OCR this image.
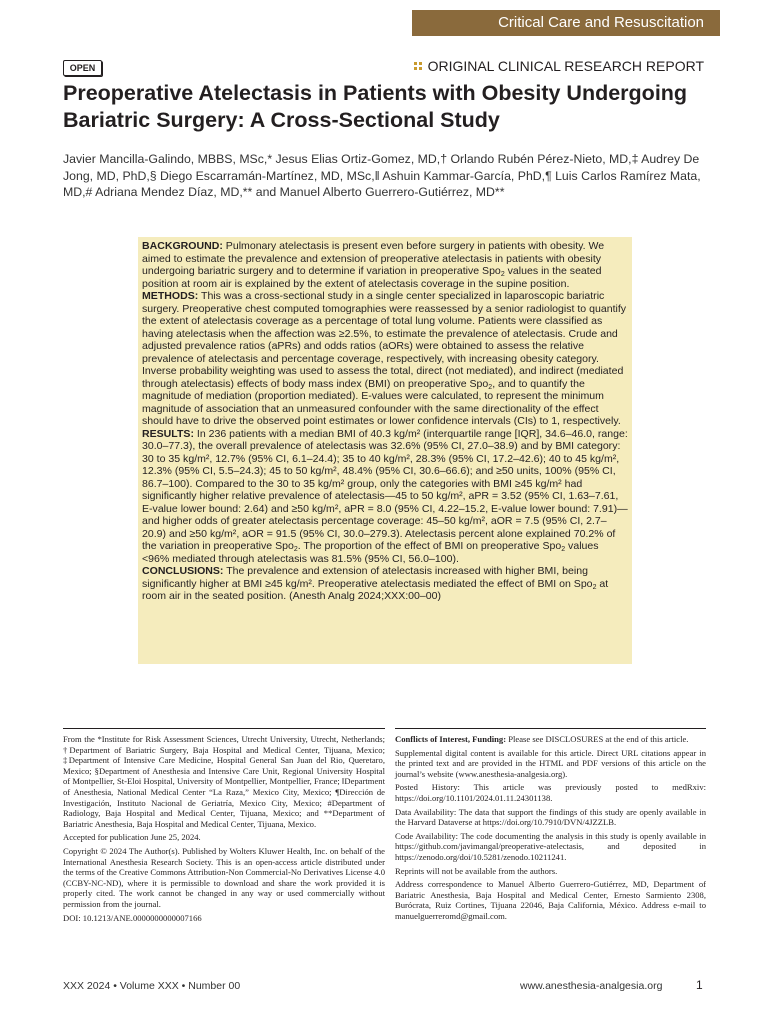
Critical Care and Resuscitation
OPEN	ORIGINAL CLINICAL RESEARCH REPORT
Preoperative Atelectasis in Patients with Obesity Undergoing Bariatric Surgery: A Cross-Sectional Study

Javier Mancilla-Galindo, MBBS, MSc,* Jesus Elias Ortiz-Gomez, MD,† Orlando Rubén Pérez-Nieto, MD,‡ Audrey De Jong, MD, PhD,§ Diego Escarramán-Martínez, MD, MSc,‖ Ashuin Kammar-García, PhD,¶ Luis Carlos Ramírez Mata, MD,# Adriana Mendez Díaz, MD,** and Manuel Alberto Guerrero-Gutiérrez, MD**

BACKGROUND: Pulmonary atelectasis is present even before surgery in patients with obesity. We aimed to estimate the prevalence and extension of preoperative atelectasis in patients with obesity undergoing bariatric surgery and to determine if variation in preoperative Spo$_2$ values in the seated position at room air is explained by the extent of atelectasis coverage in the supine position.

METHODS: This was a cross-sectional study in a single center specialized in laparoscopic bariatric surgery. Preoperative chest computed tomographies were reassessed by a senior radiologist to quantify the extent of atelectasis coverage as a percentage of total lung volume. Patients were classified as having atelectasis when the affection was ≥2.5%, to estimate the prevalence of atelectasis. Crude and adjusted prevalence ratios (aPRs) and odds ratios (aORs) were obtained to assess the relative prevalence of atelectasis and percentage coverage, respectively, with increasing obesity category. Inverse probability weighting was used to assess the total, direct (not mediated), and indirect (mediated through atelectasis) effects of body mass index (BMI) on preoperative Spo$_2$, and to quantify the magnitude of mediation (proportion mediated). E-values were calculated, to represent the minimum magnitude of association that an unmeasured confounder with the same directionality of the effect should have to drive the observed point estimates or lower confidence intervals (CIs) to 1, respectively.

RESULTS: In 236 patients with a median BMI of 40.3 kg/m² (interquartile range [IQR], 34.6–46.0, range: 30.0–77.3), the overall prevalence of atelectasis was 32.6% (95% CI, 27.0–38.9) and by BMI category: 30 to 35 kg/m², 12.7% (95% CI, 6.1–24.4); 35 to 40 kg/m², 28.3% (95% CI, 17.2–42.6); 40 to 45 kg/m², 12.3% (95% CI, 5.5–24.3); 45 to 50 kg/m², 48.4% (95% CI, 30.6–66.6); and ≥50 units, 100% (95% CI, 86.7–100). Compared to the 30 to 35 kg/m² group, only the categories with BMI ≥45 kg/m² had significantly higher relative prevalence of atelectasis—45 to 50 kg/m², aPR = 3.52 (95% CI, 1.63–7.61, E-value lower bound: 2.64) and ≥50 kg/m², aPR = 8.0 (95% CI, 4.22–15.2, E-value lower bound: 7.91)—and higher odds of greater atelectasis percentage coverage: 45–50 kg/m², aOR = 7.5 (95% CI, 2.7–20.9) and ≥50 kg/m², aOR = 91.5 (95% CI, 30.0–279.3). Atelectasis percent alone explained 70.2% of the variation in preoperative Spo$_2$. The proportion of the effect of BMI on preoperative Spo$_2$ values <96% mediated through atelectasis was 81.5% (95% CI, 56.0–100).

CONCLUSIONS: The prevalence and extension of atelectasis increased with higher BMI, being significantly higher at BMI ≥45 kg/m². Preoperative atelectasis mediated the effect of BMI on Spo$_2$ at room air in the seated position. (Anesth Analg 2024;XXX:00–00)

From the *Institute for Risk Assessment Sciences, Utrecht University, Utrecht, Netherlands; †Department of Bariatric Surgery, Baja Hospital and Medical Center, Tijuana, Mexico; ‡Department of Intensive Care Medicine, Hospital General San Juan del Rio, Queretaro, Mexico; §Department of Anesthesia and Intensive Care Unit, Regional University Hospital of Montpellier, St-Eloi Hospital, University of Montpellier, Montpellier, France; ‖Department of Anesthesia, National Medical Center “La Raza,” Mexico City, Mexico; ¶Dirección de Investigación, Instituto Nacional de Geriatría, Mexico City, Mexico; #Department of Radiology, Baja Hospital and Medical Center, Tijuana, Mexico; and **Department of Bariatric Anesthesia, Baja Hospital and Medical Center, Tijuana, Mexico.

Accepted for publication June 25, 2024.

Copyright © 2024 The Author(s). Published by Wolters Kluwer Health, Inc. on behalf of the International Anesthesia Research Society. This is an open-access article distributed under the terms of the Creative Commons Attribution-Non Commercial-No Derivatives License 4.0 (CCBY-NC-ND), where it is permissible to download and share the work provided it is properly cited. The work cannot be changed in any way or used commercially without permission from the journal.

DOI: 10.1213/ANE.0000000000007166

Conflicts of Interest, Funding: Please see DISCLOSURES at the end of this article.

Supplemental digital content is available for this article. Direct URL citations appear in the printed text and are provided in the HTML and PDF versions of this article on the journal’s website (www.anesthesia-analgesia.org).

Posted History: This article was previously posted to medRxiv: https://doi.org/10.1101/2024.01.11.24301138.

Data Availability: The data that support the findings of this study are openly available in the Harvard Dataverse at https://doi.org/10.7910/DVN/4JZZLB.

Code Availability: The code documenting the analysis in this study is openly available in https://github.com/javimangal/preoperative-atelectasis, and deposited in https://zenodo.org/doi/10.5281/zenodo.10211241.

Reprints will not be available from the authors.

Address correspondence to Manuel Alberto Guerrero-Gutiérrez, MD, Department of Bariatric Anesthesia, Baja Hospital and Medical Center, Ernesto Sarmiento 2308, Burócrata, Ruiz Cortines, Tijuana 22046, Baja California, México. Address e-mail to manuelguerreromd@gmail.com.

XXX 2024 • Volume XXX • Number 00	www.anesthesia-analgesia.org	1
